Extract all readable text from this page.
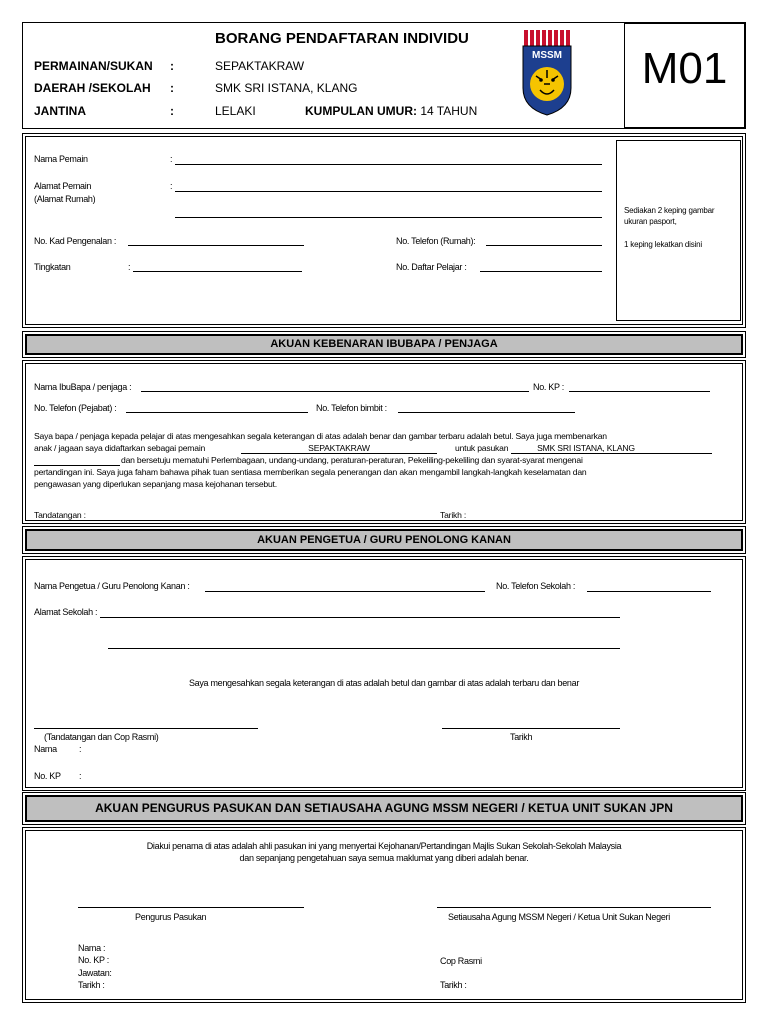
BORANG PENDAFTARAN INDIVIDU
PERMAINAN/SUKAN :	SEPAKTAKRAW
DAERAH /SEKOLAH :	SMK SRI ISTANA, KLANG
JANTINA	:	LELAKI	KUMPULAN UMUR: 14 TAHUN
MSSM	M01
Nama Pemain	:
Alamat Pemain
(Alamat Rumah)
:
No. Kad Pengenalan :	No. Telefon (Rumah):
Tingkatan	:	No. Daftar Pelajar :
Sediakan 2 keping gambar ukuran pasport,
1 keping lekatkan disini
AKUAN KEBENARAN IBUBAPA / PENJAGA
Nama IbuBapa / penjaga :	No. KP :
No. Telefon (Pejabat) :	No. Telefon bimbit :
Saya bapa / penjaga kepada pelajar di atas mengesahkan segala keterangan di atas adalah benar dan gambar terbaru adalah betul. Saya juga membenarkan
anak / jagaan saya didaftarkan sebagai pemain	SEPAKTAKRAW	untuk pasukan	SMK SRI ISTANA, KLANG
dan bersetuju mematuhi Perlembagaan, undang-undang, peraturan-peraturan, Pekeliling-pekeliling dan syarat-syarat mengenai
pertandingan ini. Saya juga faham bahawa pihak tuan sentiasa memberikan segala penerangan dan akan mengambil langkah-langkah keselamatan dan
pengawasan yang diperlukan sepanjang masa kejohanan tersebut.
Tandatangan :	Tarikh :
AKUAN PENGETUA / GURU PENOLONG KANAN
Nama Pengetua / Guru Penolong Kanan :	No. Telefon Sekolah :
Alamat Sekolah :
Saya mengesahkan segala keterangan di atas adalah betul dan gambar di atas adalah terbaru dan benar
(Tandatangan dan Cop Rasmi)	Tarikh
Nama :
No. KP :
AKUAN PENGURUS PASUKAN DAN SETIAUSAHA AGUNG MSSM NEGERI / KETUA UNIT SUKAN JPN
Diakui penama di atas adalah ahli pasukan ini yang menyertai Kejohanan/Pertandingan Majlis Sukan Sekolah-Sekolah Malaysia
dan sepanjang pengetahuan saya semua maklumat yang diberi adalah benar.
Pengurus Pasukan	Setiausaha Agung MSSM Negeri / Ketua Unit Sukan Negeri
Nama :
No. KP :
Jawatan:
Tarikh :
Cop Rasmi
Tarikh :
